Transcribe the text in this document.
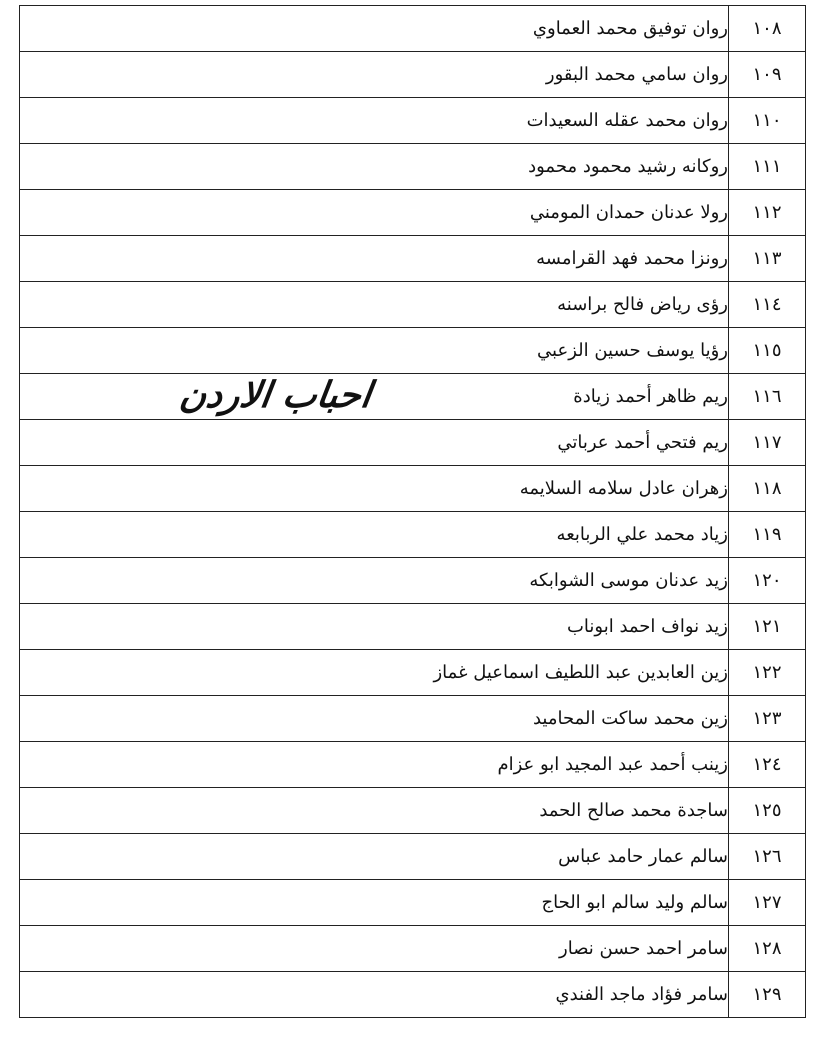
١٠٨	روان توفيق محمد العماوي
١٠٩	روان سامي محمد البقور
١١٠	روان محمد عقله السعيدات
١١١	روكانه رشيد محمود محمود
١١٢	رولا عدنان حمدان المومني
١١٣	رونزا محمد فهد القرامسه
١١٤	رؤى رياض فالح براسنه
١١٥	رؤيا يوسف حسين الزعبي
١١٦	ريم ظاهر أحمد زيادة
١١٧	ريم فتحي أحمد عرباتي
١١٨	زهران عادل سلامه السلايمه
١١٩	زياد محمد علي الربابعه
١٢٠	زيد عدنان موسى الشوابكه
١٢١	زيد نواف احمد ابوناب
١٢٢	زين العابدين عبد اللطيف اسماعيل غماز
١٢٣	زين محمد ساكت المحاميد
١٢٤	زينب أحمد عبد المجيد ابو عزام
١٢٥	ساجدة محمد صالح الحمد
١٢٦	سالم عمار حامد عباس
١٢٧	سالم وليد سالم ابو الحاج
١٢٨	سامر احمد حسن نصار
١٢٩	سامر فؤاد ماجد الفندي
احباب الاردن
